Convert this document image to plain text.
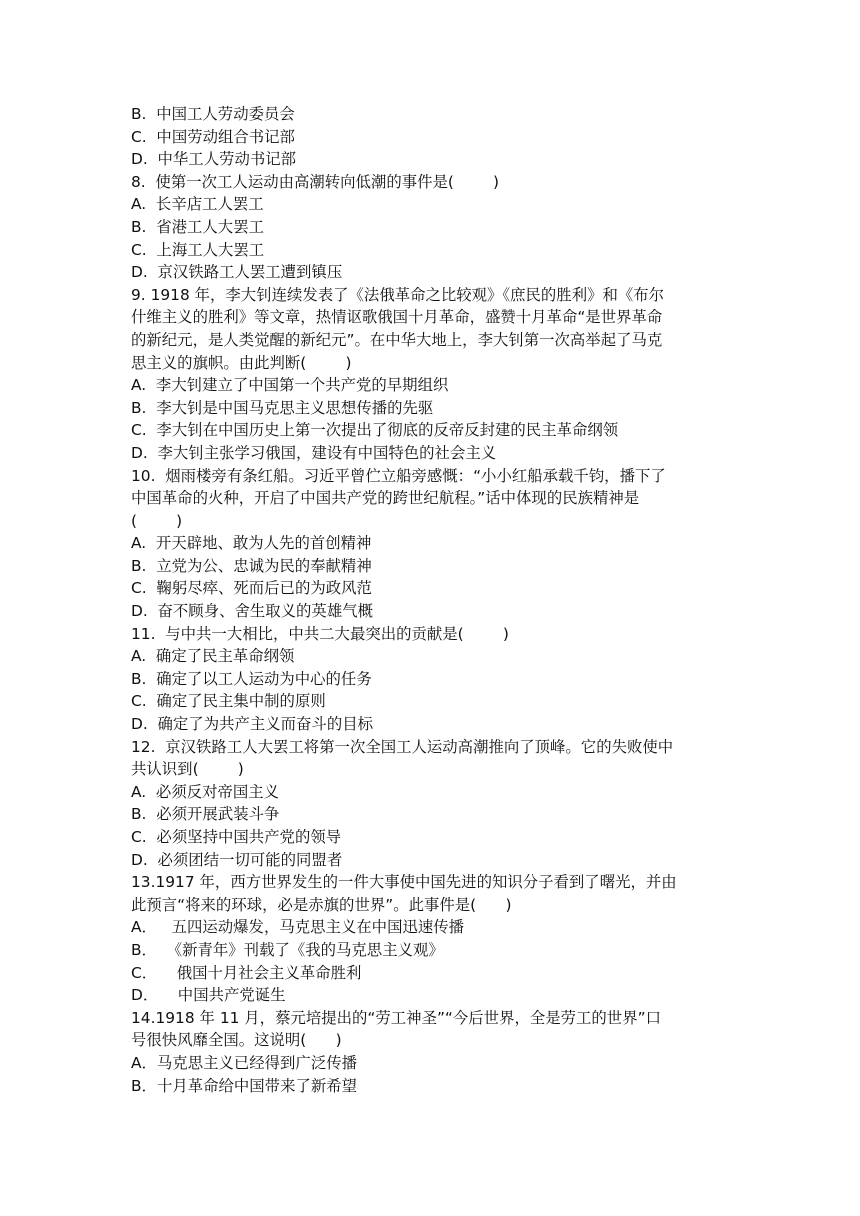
B.  中国工人劳动委员会
C.  中国劳动组合书记部
D.  中华工人劳动书记部
8.  使第一次工人运动由高潮转向低潮的事件是(        )
A.  长辛店工人罢工
B.  省港工人大罢工
C.  上海工人大罢工
D.  京汉铁路工人罢工遭到镇压
9. 1918 年，李大钊连续发表了《法俄革命之比较观》《庶民的胜利》和《布尔
什维主义的胜利》等文章，热情讴歌俄国十月革命，盛赞十月革命“是世界革命
的新纪元，是人类觉醒的新纪元”。在中华大地上，李大钊第一次高举起了马克
思主义的旗帜。由此判断(        )
A.  李大钊建立了中国第一个共产党的早期组织
B.  李大钊是中国马克思主义思想传播的先驱
C.  李大钊在中国历史上第一次提出了彻底的反帝反封建的民主革命纲领
D.  李大钊主张学习俄国，建设有中国特色的社会主义
10.  烟雨楼旁有条红船。习近平曾伫立船旁感慨：“小小红船承载千钧，播下了
中国革命的火种，开启了中国共产党的跨世纪航程。”话中体现的民族精神是
(        )
A.  开天辟地、敢为人先的首创精神
B.  立党为公、忠诚为民的奉献精神
C.  鞠躬尽瘁、死而后已的为政风范
D.  奋不顾身、舍生取义的英雄气概
11.  与中共一大相比，中共二大最突出的贡献是(        )
A.  确定了民主革命纲领
B.  确定了以工人运动为中心的任务
C.  确定了民主集中制的原则
D.  确定了为共产主义而奋斗的目标
12.  京汉铁路工人大罢工将第一次全国工人运动高潮推向了顶峰。它的失败使中
共认识到(        )
A.  必须反对帝国主义
B.  必须开展武装斗争
C.  必须坚持中国共产党的领导
D.  必须团结一切可能的同盟者
13.1917 年，西方世界发生的一件大事使中国先进的知识分子看到了曙光，并由
此预言“将来的环球，必是赤旗的世界”。此事件是(      )
A．   五四运动爆发，马克思主义在中国迅速传播
B．  《新青年》刊载了《我的马克思主义观》
C．    俄国十月社会主义革命胜利
D．    中国共产党诞生
14.1918 年 11 月，蔡元培提出的“劳工神圣”“今后世界，全是劳工的世界”口
号很快风靡全国。这说明(      )
A．马克思主义已经得到广泛传播
B．十月革命给中国带来了新希望
